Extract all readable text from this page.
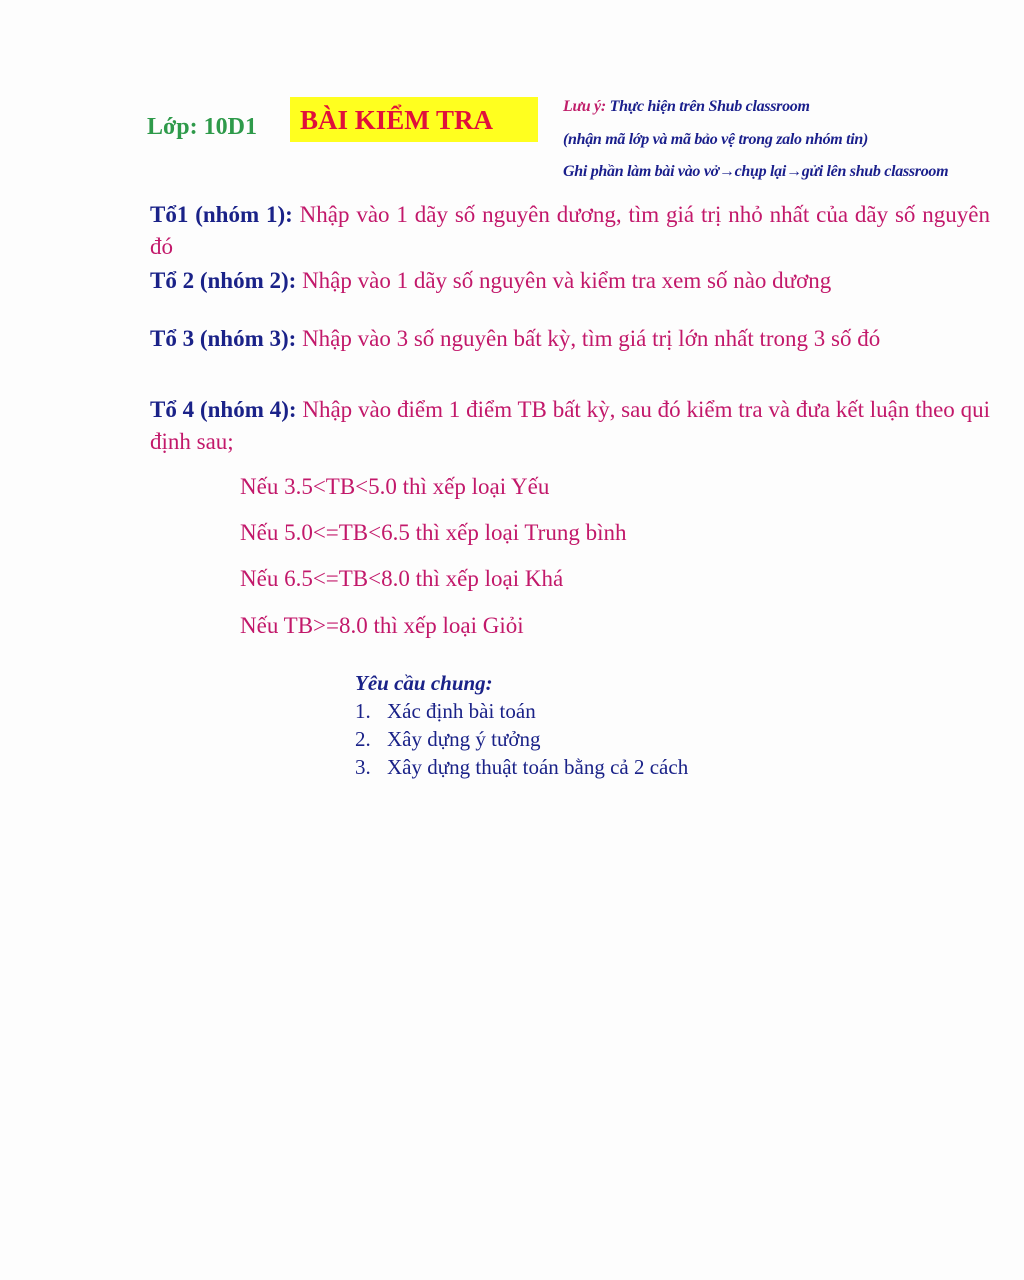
Lớp: 10D1 BÀI KIỂM TRA	Lưu ý: Thực hiện trên Shub classroom
(nhận mã lớp và mã bảo vệ trong zalo nhóm tin)
Ghi phần làm bài vào vở→chụp lại→gửi lên shub classroom
Tổ1 (nhóm 1): Nhập vào 1 dãy số nguyên dương, tìm giá trị nhỏ nhất của dãy số nguyên đó
Tổ 2 (nhóm 2): Nhập vào 1 dãy số nguyên và kiểm tra xem số nào dương
Tổ 3 (nhóm 3): Nhập vào 3 số nguyên bất kỳ, tìm giá trị lớn nhất trong 3 số đó
Tổ 4 (nhóm 4): Nhập vào điểm 1 điểm TB bất kỳ, sau đó kiểm tra và đưa kết luận theo qui định sau;
Nếu 3.5<TB<5.0 thì xếp loại Yếu
Nếu 5.0<=TB<6.5 thì xếp loại Trung bình
Nếu 6.5<=TB<8.0 thì xếp loại Khá
Nếu TB>=8.0 thì xếp loại Giỏi
Yêu cầu chung:
1. Xác định bài toán
2. Xây dựng ý tưởng
3. Xây dựng thuật toán bằng cả 2 cách
